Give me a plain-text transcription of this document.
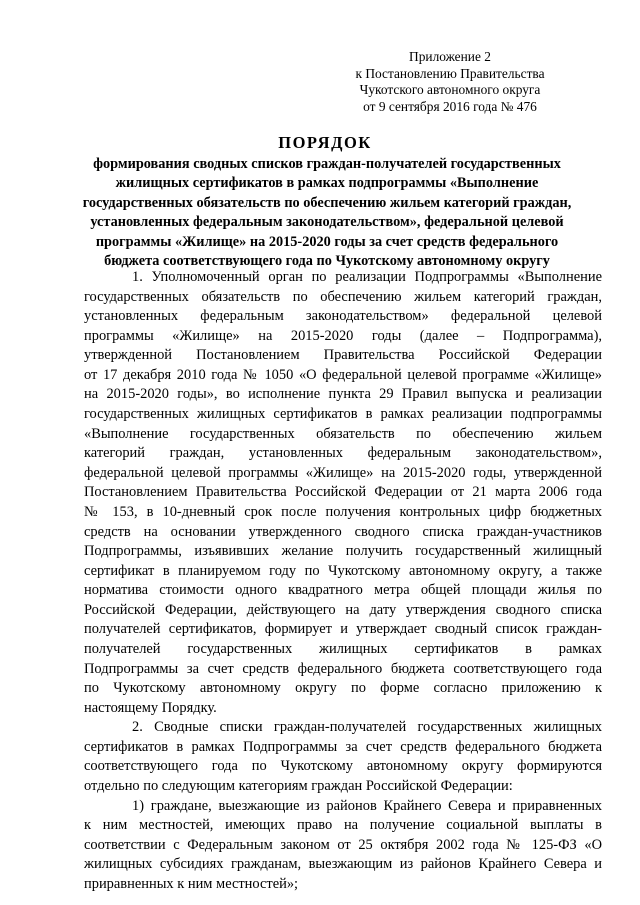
Приложение 2
к Постановлению Правительства
Чукотского автономного округа
от 9 сентября 2016 года № 476
ПОРЯДОК
формирования сводных списков граждан-получателей государственных
жилищных сертификатов в рамках подпрограммы «Выполнение
государственных обязательств по обеспечению жильем категорий граждан,
установленных федеральным законодательством», федеральной целевой
программы «Жилище» на 2015-2020 годы за счет средств федерального
бюджета соответствующего года по Чукотскому автономному округу
1. Уполномоченный орган по реализации Подпрограммы «Выполнение
государственных обязательств по обеспечению жильем категорий граждан,
установленных федеральным законодательством» федеральной целевой
программы «Жилище» на 2015-2020 годы (далее – Подпрограмма),
утвержденной Постановлением Правительства Российской Федерации
от 17 декабря 2010 года № 1050 «О федеральной целевой программе «Жилище»
на 2015-2020 годы», во исполнение пункта 29 Правил выпуска и реализации
государственных жилищных сертификатов в рамках реализации подпрограммы
«Выполнение государственных обязательств по обеспечению жильем
категорий граждан, установленных федеральным законодательством»,
федеральной целевой программы «Жилище» на 2015-2020 годы, утвержденной
Постановлением Правительства Российской Федерации от 21 марта 2006 года
№ 153, в 10-дневный срок после получения контрольных цифр бюджетных
средств на основании утвержденного сводного списка граждан-участников
Подпрограммы, изъявивших желание получить государственный жилищный
сертификат в планируемом году по Чукотскому автономному округу, а также
норматива стоимости одного квадратного метра общей площади жилья по
Российской Федерации, действующего на дату утверждения сводного списка
получателей сертификатов, формирует и утверждает сводный список граждан-
получателей государственных жилищных сертификатов в рамках
Подпрограммы за счет средств федерального бюджета соответствующего года
по Чукотскому автономному округу по форме согласно приложению к
настоящему Порядку.
2. Сводные списки граждан-получателей государственных жилищных
сертификатов в рамках Подпрограммы за счет средств федерального бюджета
соответствующего года по Чукотскому автономному округу формируются
отдельно по следующим категориям граждан Российской Федерации:
1) граждане, выезжающие из районов Крайнего Севера и приравненных
к ним местностей, имеющих право на получение социальной выплаты в
соответствии с Федеральным законом от 25 октября 2002 года № 125-ФЗ «О
жилищных субсидиях гражданам, выезжающим из районов Крайнего Севера и
приравненных к ним местностей»;
